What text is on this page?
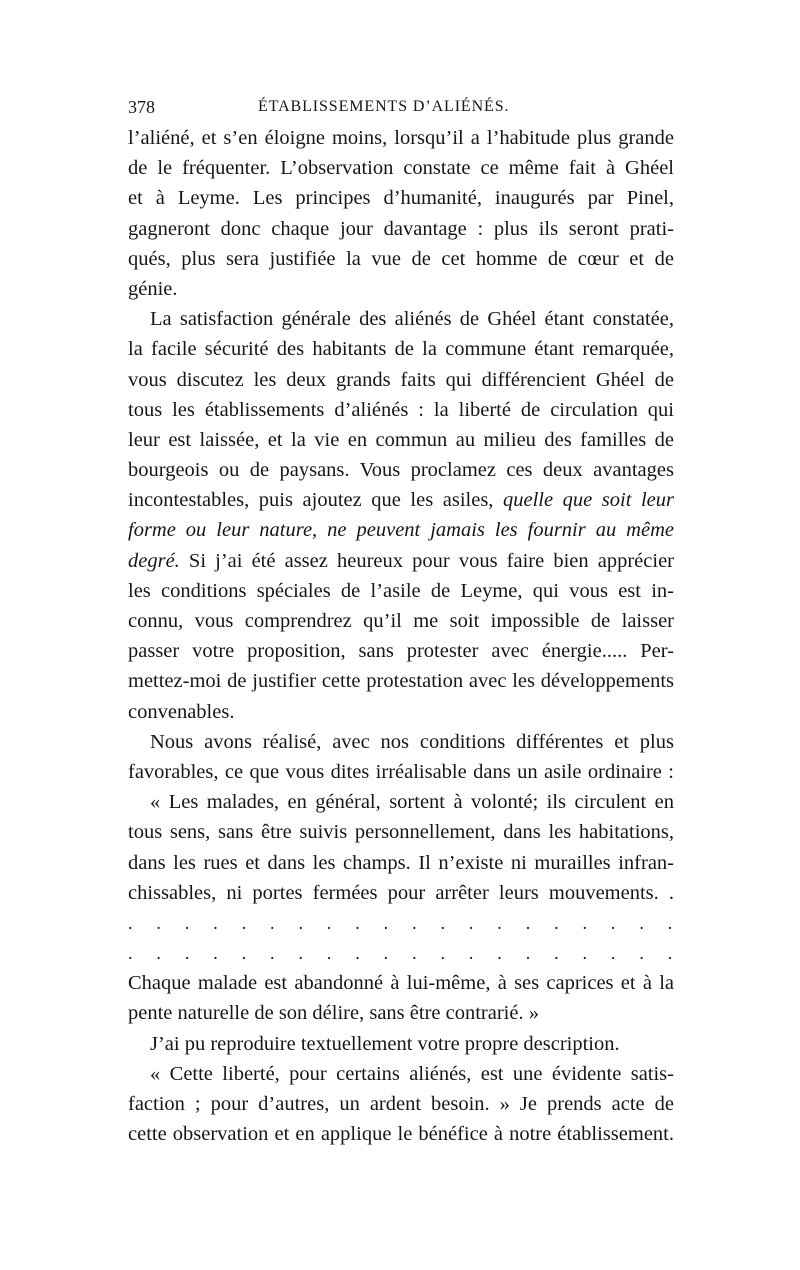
378	ÉTABLISSEMENTS D’ALIÉNÉS.
l’aliéné, et s’en éloigne moins, lorsqu’il a l’habitude plus grande
de le fréquenter. L’observation constate ce même fait à Ghéel
et à Leyme. Les principes d’humanité, inaugurés par Pinel,
gagneront donc chaque jour davantage : plus ils seront prati-
qués, plus sera justifiée la vue de cet homme de cœur et de
génie.
La satisfaction générale des aliénés de Ghéel étant constatée,
la facile sécurité des habitants de la commune étant remarquée,
vous discutez les deux grands faits qui différencient Ghéel de
tous les établissements d’aliénés : la liberté de circulation qui
leur est laissée, et la vie en commun au milieu des familles de
bourgeois ou de paysans. Vous proclamez ces deux avantages
incontestables, puis ajoutez que les asiles, quelle que soit leur
forme ou leur nature, ne peuvent jamais les fournir au même
degré. Si j’ai été assez heureux pour vous faire bien apprécier
les conditions spéciales de l’asile de Leyme, qui vous est in-
connu, vous comprendrez qu’il me soit impossible de laisser
passer votre proposition, sans protester avec énergie..... Per-
mettez-moi de justifier cette protestation avec les développements
convenables.
Nous avons réalisé, avec nos conditions différentes et plus
favorables, ce que vous dites irréalisable dans un asile ordinaire :
« Les malades, en général, sortent à volonté; ils circulent en
tous sens, sans être suivis personnellement, dans les habitations,
dans les rues et dans les champs. Il n’existe ni murailles infran-
chissables, ni portes fermées pour arrêter leurs mouvements. .
. . . . . . . . . . . . . . . . . . . .
. . . . . . . . . . . . . . . . . . . .
Chaque malade est abandonné à lui-même, à ses caprices et à la
pente naturelle de son délire, sans être contrarié. »
J’ai pu reproduire textuellement votre propre description.
« Cette liberté, pour certains aliénés, est une évidente satis-
faction ; pour d’autres, un ardent besoin. » Je prends acte de
cette observation et en applique le bénéfice à notre établissement.
